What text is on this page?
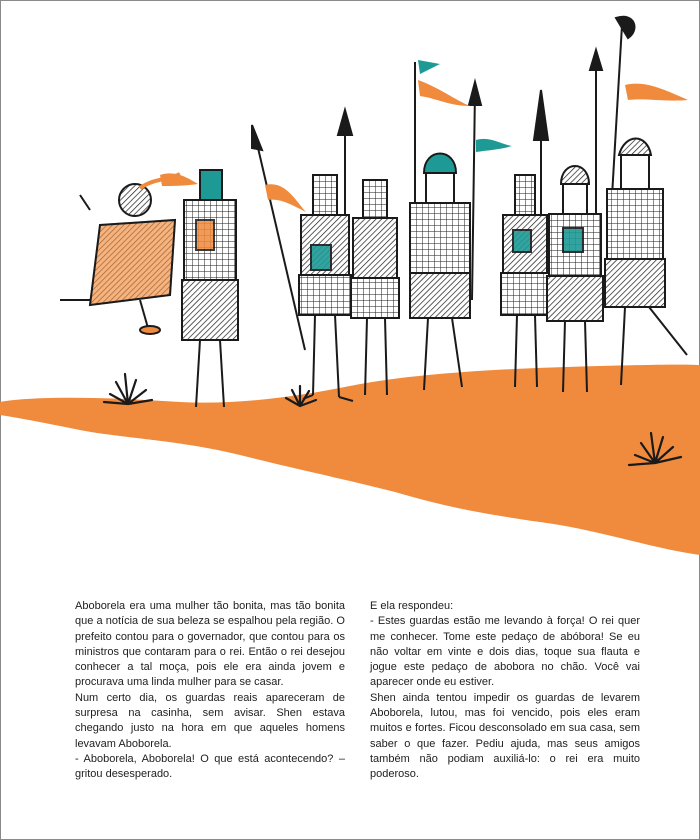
Aboborela era uma mulher tão bonita, mas tão bonita que a notícia de sua beleza se espalhou pela região. O prefeito contou para o governador, que contou para os ministros que contaram para o rei. Então o rei desejou conhecer a tal moça, pois ele era ainda jovem e procurava uma linda mulher para se casar.

Num certo dia, os guardas reais apareceram de surpresa na casinha, sem avisar. Shen estava chegando justo na hora em que aqueles homens levavam Aboborela.

- Aboborela, Aboborela! O que está acontecendo? – gritou desesperado.

E ela respondeu:

- Estes guardas estão me levando à força! O rei quer me conhecer. Tome este pedaço de abóbora! Se eu não voltar em vinte e dois dias, toque sua flauta e jogue este pedaço de abobora no chão. Você vai aparecer onde eu estiver.

Shen ainda tentou impedir os guardas de levarem Aboborela, lutou, mas foi vencido, pois eles eram muitos e fortes. Ficou desconsolado em sua casa, sem saber o que fazer. Pediu ajuda, mas seus amigos também não podiam auxiliá-lo: o rei era muito poderoso.
